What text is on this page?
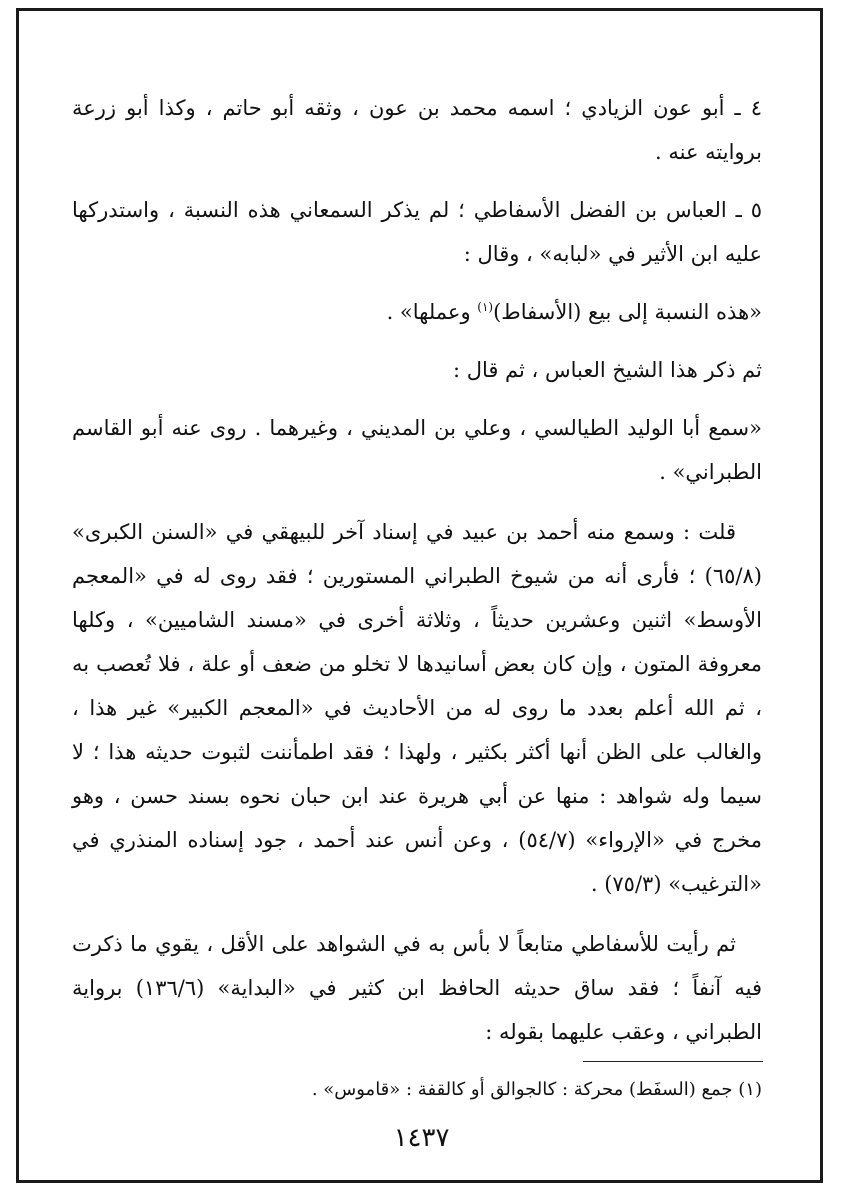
٤ ـ أبو عون الزيادي ؛ اسمه محمد بن عون ، وثقه أبو حاتم ، وكذا أبو زرعة بروايته عنه .

٥ ـ العباس بن الفضل الأسفاطي ؛ لم يذكر السمعاني هذه النسبة ، واستدركها عليه ابن الأثير في «لبابه» ، وقال :

«هذه النسبة إلى بيع (الأسفاط)$^{(١)}$ وعملها» .

ثم ذكر هذا الشيخ العباس ، ثم قال :

«سمع أبا الوليد الطيالسي ، وعلي بن المديني ، وغيرهما . روى عنه أبو القاسم الطبراني» .

قلت : وسمع منه أحمد بن عبيد في إسناد آخر للبيهقي في «السنن الكبرى» (٦٥/٨) ؛ فأرى أنه من شيوخ الطبراني المستورين ؛ فقد روى له في «المعجم الأوسط» اثنين وعشرين حديثاً ، وثلاثة أخرى في «مسند الشاميين» ، وكلها معروفة المتون ، وإن كان بعض أسانيدها لا تخلو من ضعف أو علة ، فلا تُعصب به ، ثم الله أعلم بعدد ما روى له من الأحاديث في «المعجم الكبير» غير هذا ، والغالب على الظن أنها أكثر بكثير ، ولهذا ؛ فقد اطمأننت لثبوت حديثه هذا ؛ لا سيما وله شواهد : منها عن أبي هريرة عند ابن حبان نحوه بسند حسن ، وهو مخرج في «الإرواء» (٥٤/٧) ، وعن أنس عند أحمد ، جود إسناده المنذري في «الترغيب» (٧٥/٣) .

ثم رأيت للأسفاطي متابعاً لا بأس به في الشواهد على الأقل ، يقوي ما ذكرت فيه آنفاً ؛ فقد ساق حديثه الحافظ ابن كثير في «البداية» (١٣٦/٦) برواية الطبراني ، وعقب عليهما بقوله :

(١) جمع (السفَط) محركة : كالجوالق أو كالقفة : «قاموس» .
١٤٣٧
